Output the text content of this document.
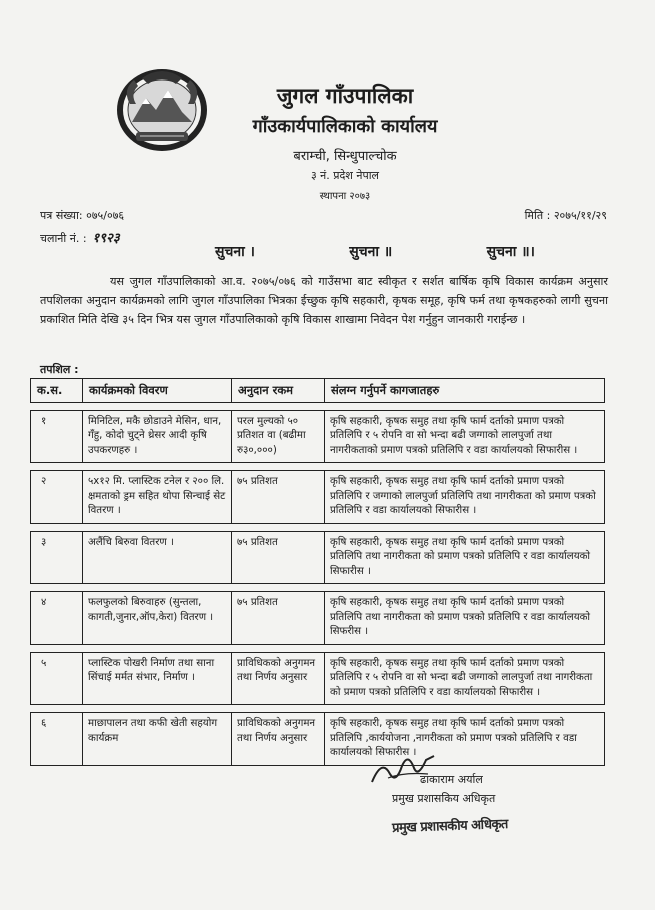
जुगल गाँउपालिका
गाँउकार्यपालिकाको कार्यालय
बराम्ची, सिन्धुपाल्चोक
३ नं. प्रदेश नेपाल
स्थापना २०७३
पत्र संख्या: ०७५/०७६
चलानी नं. : १९२३
मिति : २०७५/११/२९
सुचना ।	सुचना ॥	सुचना ॥।
यस जुगल गाँउपालिकाको आ.व. २०७५/०७६ को गाउँसभा बाट स्वीकृत र सर्शत बार्षिक कृषि विकास कार्यक्रम अनुसार तपशिलका अनुदान कार्यक्रमको लागि जुगल गाँउपालिका भित्रका ईच्छुक कृषि सहकारी, कृषक समूह, कृषि फर्म तथा कृषकहरुको लागी सुचना प्रकाशित मिति देखि ३५ दिन भित्र यस जुगल गाँउपालिकाको कृषि विकास शाखामा निवेदन पेश गर्नुहुन जानकारी गराईन्छ ।
तपशिल :
क.स.	कार्यक्रमको विवरण	अनुदान रकम	संलग्न गर्नुपर्ने कागजातहरु

१	मिनिटिल, मकै छोडाउने मेसिन, धान, गँहु, कोदो चुट्ने थ्रेसर आदी कृषि उपकरणहरु ।	परल मुल्यको ५० प्रतिशत वा (बढीमा रु३०,०००)	कृषि सहकारी, कृषक समुह तथा कृषि फार्म दर्ताको प्रमाण पत्रको प्रतिलिपि र ५ रोपनि वा सो भन्दा बढी जग्गाको लालपुर्जा तथा नागरीकताको प्रमाण पत्रको प्रतिलिपि र वडा कार्यालयको सिफारीस ।

२	५x१२ मि. प्लास्टिक टनेल र २०० लि. क्षमताको ड्रम सहित थोपा सिन्चाई सेट वितरण ।	७५ प्रतिशत	कृषि सहकारी, कृषक समुह तथा कृषि फार्म दर्ताको प्रमाण पत्रको प्रतिलिपि र जग्गाको लालपुर्जा प्रतिलिपि तथा नागरीकता को प्रमाण पत्रको प्रतिलिपि र वडा कार्यालयको सिफारीस ।

३	अलैंचि बिरुवा वितरण ।	७५ प्रतिशत	कृषि सहकारी, कृषक समुह तथा कृषि फार्म दर्ताको प्रमाण पत्रको प्रतिलिपि तथा नागरीकता को प्रमाण पत्रको प्रतिलिपि र वडा कार्यालयको सिफारीस ।

४	फलफुलको बिरुवाहरु (सुन्तला, कागती,जुनार,ऑप,केरा) वितरण ।	७५ प्रतिशत	कृषि सहकारी, कृषक समुह तथा कृषि फार्म दर्ताको प्रमाण पत्रको प्रतिलिपि तथा नागरीकता को प्रमाण पत्रको प्रतिलिपि र वडा कार्यालयको सिफरीस ।

५	प्लास्टिक पोखरी निर्माण तथा साना सिंचाई मर्मत संभार, निर्माण ।	प्राविधिकको अनुगमन तथा निर्णय अनुसार	कृषि सहकारी, कृषक समुह तथा कृषि फार्म दर्ताको प्रमाण पत्रको प्रतिलिपि र ५ रोपनि वा सो भन्दा बढी जग्गाको लालपुर्जा तथा नागरीकता को प्रमाण पत्रको प्रतिलिपि र वडा कार्यालयको सिफारीस ।

६	माछापालन तथा कफी खेती सहयोग कार्यक्रम	प्राविधिकको अनुगमन तथा निर्णय अनुसार	कृषि सहकारी, कृषक समुह तथा कृषि फार्म दर्ताको प्रमाण पत्रको प्रतिलिपि ,कार्ययोजना ,नागरीकता को प्रमाण पत्रको प्रतिलिपि र वडा कार्यालयको सिफारीस ।
ढाकाराम अर्याल
प्रमुख प्रशासकिय अधिकृत
प्रमुख प्रशासकीय अधिकृत
